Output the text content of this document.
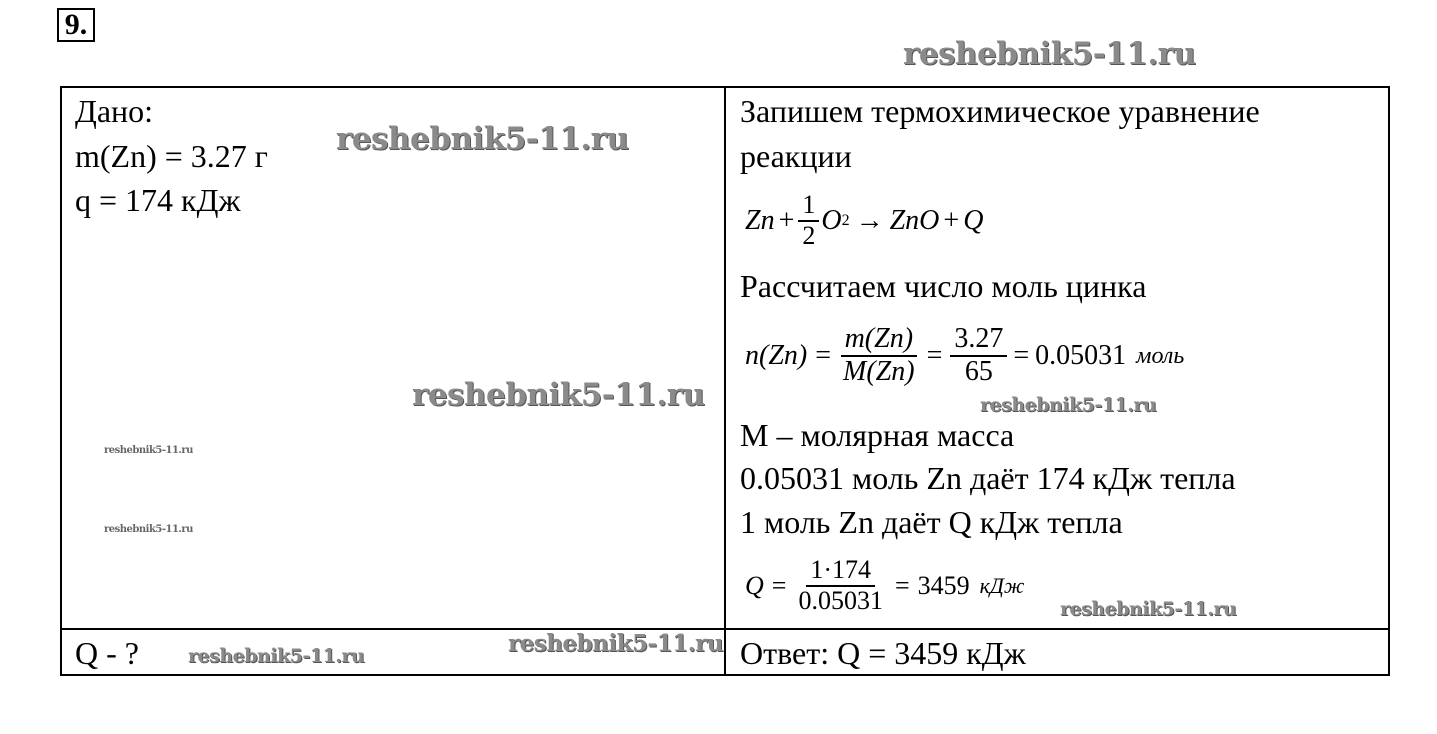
9.
reshebnik5-11.ru
Дано:
m(Zn) = 3.27 г
q = 174 кДж
Q - ?
reshebnik5-11.ru
reshebnik5-11.ru
reshebnik5-11.ru
reshebnik5-11.ru
reshebnik5-11.ru	reshebnik5-11.ru
Запишем термохимическое уравнение
реакции
$Zn + \frac{1}{2}$ O 2 → ZnO + Q
Рассчитаем число моль цинка
$n(Zn) = \frac{m(Zn)}{M(Zn)} = \frac{3.27}{65} = 0.05031$ моль
reshebnik5-11.ru
M – молярная масса
0.05031 моль Zn даёт 174 кДж тепла
1 моль Zn даёт Q кДж тепла
$Q = \frac{1\cdot 174}{0.05031} = 3459$ кДж
reshebnik5-11.ru
Ответ: Q = 3459 кДж
